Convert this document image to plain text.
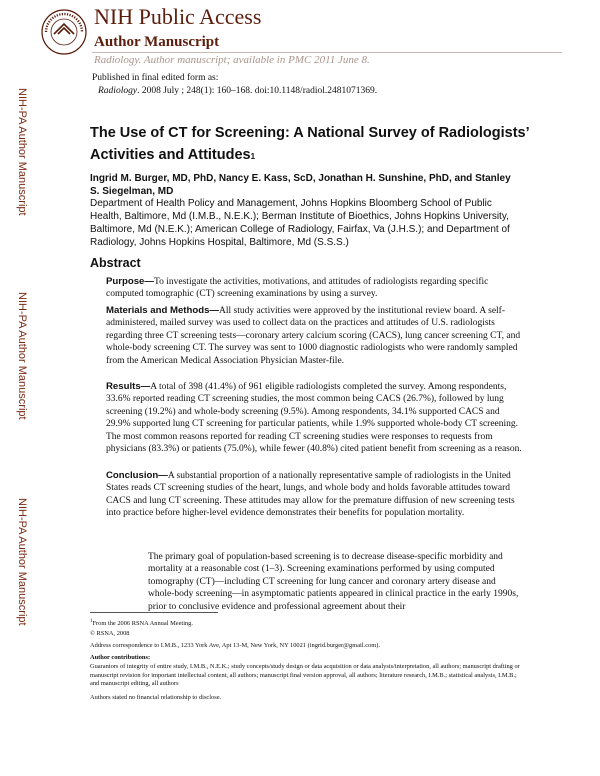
NIH Public Access
Author Manuscript
Radiology. Author manuscript; available in PMC 2011 June 8.
Published in final edited form as:
Radiology. 2008 July ; 248(1): 160–168. doi:10.1148/radiol.2481071369.
NIH-PA Author Manuscript
NIH-PA Author Manuscript
NIH-PA Author Manuscript
The Use of CT for Screening: A National Survey of Radiologists’ Activities and Attitudes$^1$
Ingrid M. Burger, MD, PhD, Nancy E. Kass, ScD, Jonathan H. Sunshine, PhD, and Stanley S. Siegelman, MD
Department of Health Policy and Management, Johns Hopkins Bloomberg School of Public Health, Baltimore, Md (I.M.B., N.E.K.); Berman Institute of Bioethics, Johns Hopkins University, Baltimore, Md (N.E.K.); American College of Radiology, Fairfax, Va (J.H.S.); and Department of Radiology, Johns Hopkins Hospital, Baltimore, Md (S.S.S.)
Abstract
Purpose—To investigate the activities, motivations, and attitudes of radiologists regarding specific computed tomographic (CT) screening examinations by using a survey.
Materials and Methods—All study activities were approved by the institutional review board. A self-administered, mailed survey was used to collect data on the practices and attitudes of U.S. radiologists regarding three CT screening tests—coronary artery calcium scoring (CACS), lung cancer screening CT, and whole-body screening CT. The survey was sent to 1000 diagnostic radiologists who were randomly sampled from the American Medical Association Physician Master-file.
Results—A total of 398 (41.4%) of 961 eligible radiologists completed the survey. Among respondents, 33.6% reported reading CT screening studies, the most common being CACS (26.7%), followed by lung screening (19.2%) and whole-body screening (9.5%). Among respondents, 34.1% supported CACS and 29.9% supported lung CT screening for particular patients, while 1.9% supported whole-body CT screening. The most common reasons reported for reading CT screening studies were responses to requests from physicians (83.3%) or patients (75.0%), while fewer (40.8%) cited patient benefit from screening as a reason.
Conclusion—A substantial proportion of a nationally representative sample of radiologists in the United States reads CT screening studies of the heart, lungs, and whole body and holds favorable attitudes toward CACS and lung CT screening. These attitudes may allow for the premature diffusion of new screening tests into practice before higher-level evidence demonstrates their benefits for population mortality.
The primary goal of population-based screening is to decrease disease-specific morbidity and mortality at a reasonable cost (1–3). Screening examinations performed by using computed tomography (CT)—including CT screening for lung cancer and coronary artery disease and whole-body screening—in asymptomatic patients appeared in clinical practice in the early 1990s, prior to conclusive evidence and professional agreement about their
$^1$From the 2006 RSNA Annual Meeting.
© RSNA, 2008
Address correspondence to I.M.B., 1233 York Ave, Apt 13-M, New York, NY 10021 (ingrid.burger@gmail.com).
Author contributions:
Guarantors of integrity of entire study, I.M.B., N.E.K.; study concepts/study design or data acquisition or data analysis/interpretation, all authors; manuscript drafting or manuscript revision for important intellectual content, all authors; manuscript final version approval, all authors; literature research, I.M.B.; statistical analysis, I.M.B.; and manuscript editing, all authors
Authors stated no financial relationship to disclose.
